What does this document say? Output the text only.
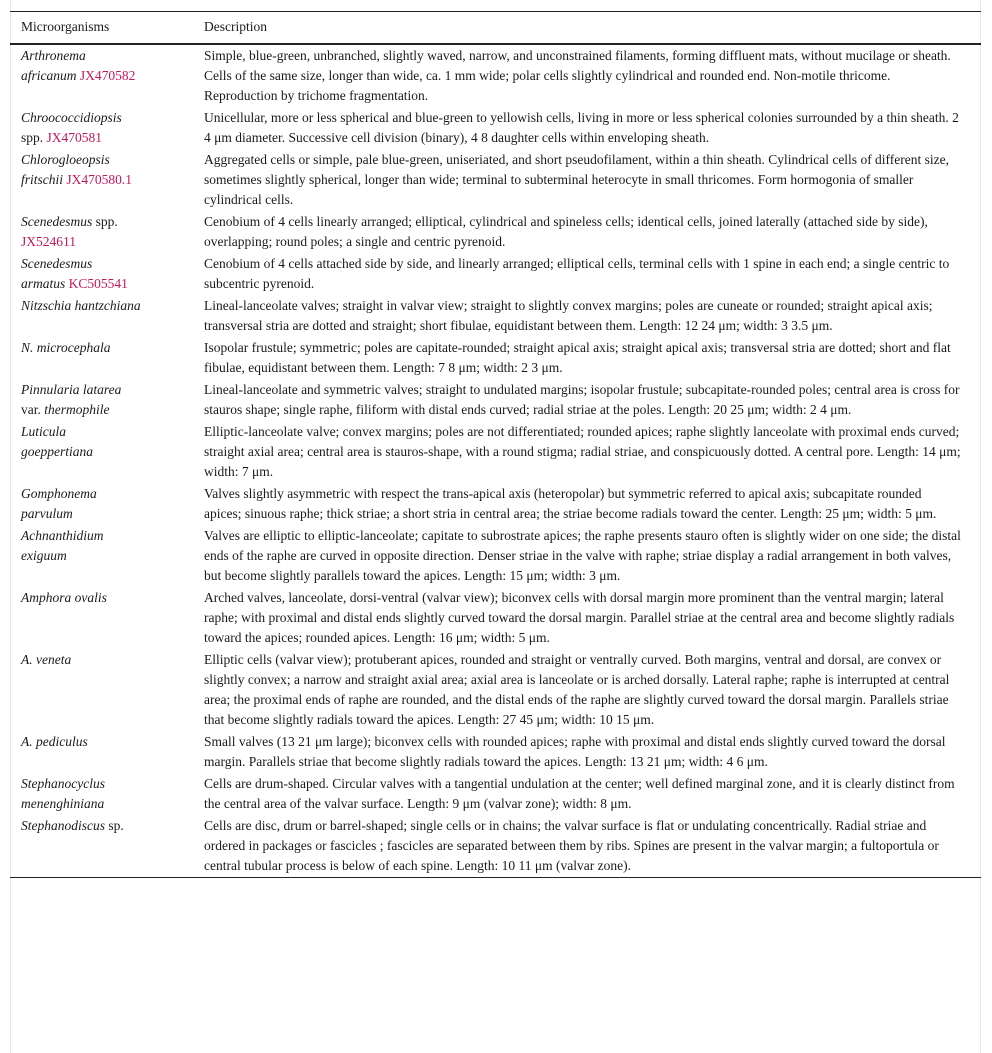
Microorganisms	Description
Arthronema
africanum JX470582	Simple, blue-green, unbranched, slightly waved, narrow, and unconstrained filaments, forming diffluent mats, without mucilage or sheath. Cells of the same size, longer than wide, ca. 1 mm wide; polar cells slightly cylindrical and rounded end. Non-motile thricome. Reproduction by trichome fragmentation.
Chroococcidiopsis
spp. JX470581	Unicellular, more or less spherical and blue-green to yellowish cells, living in more or less spherical colonies surrounded by a thin sheath. 2 4 μm diameter. Successive cell division (binary), 4 8 daughter cells within enveloping sheath.
Chlorogloeopsis
fritschii JX470580.1	Aggregated cells or simple, pale blue-green, uniseriated, and short pseudofilament, within a thin sheath. Cylindrical cells of different size, sometimes slightly spherical, longer than wide; terminal to subterminal heterocyte in small thricomes. Form hormogonia of smaller cylindrical cells.
Scenedesmus spp.
JX524611	Cenobium of 4 cells linearly arranged; elliptical, cylindrical and spineless cells; identical cells, joined laterally (attached side by side), overlapping; round poles; a single and centric pyrenoid.
Scenedesmus
armatus KC505541	Cenobium of 4 cells attached side by side, and linearly arranged; elliptical cells, terminal cells with 1 spine in each end; a single centric to subcentric pyrenoid.
Nitzschia hantzchiana	Lineal-lanceolate valves; straight in valvar view; straight to slightly convex margins; poles are cuneate or rounded; straight apical axis; transversal stria are dotted and straight; short fibulae, equidistant between them. Length: 12 24 μm; width: 3 3.5 μm.
N. microcephala	Isopolar frustule; symmetric; poles are capitate-rounded; straight apical axis; straight apical axis; transversal stria are dotted; short and flat fibulae, equidistant between them. Length: 7 8 μm; width: 2 3 μm.
Pinnularia latarea
var. thermophile	Lineal-lanceolate and symmetric valves; straight to undulated margins; isopolar frustule; subcapitate-rounded poles; central area is cross for stauros shape; single raphe, filiform with distal ends curved; radial striae at the poles. Length: 20 25 μm; width: 2 4 μm.
Luticula
goeppertiana	Elliptic-lanceolate valve; convex margins; poles are not differentiated; rounded apices; raphe slightly lanceolate with proximal ends curved; straight axial area; central area is stauros-shape, with a round stigma; radial striae, and conspicuously dotted. A central pore. Length: 14 μm; width: 7 μm.
Gomphonema
parvulum	Valves slightly asymmetric with respect the trans-apical axis (heteropolar) but symmetric referred to apical axis; subcapitate rounded apices; sinuous raphe; thick striae; a short stria in central area; the striae become radials toward the center. Length: 25 μm; width: 5 μm.
Achnanthidium
exiguum	Valves are elliptic to elliptic-lanceolate; capitate to subrostrate apices; the raphe presents stauro often is slightly wider on one side; the distal ends of the raphe are curved in opposite direction. Denser striae in the valve with raphe; striae display a radial arrangement in both valves, but become slightly parallels toward the apices. Length: 15 μm; width: 3 μm.
Amphora ovalis	Arched valves, lanceolate, dorsi-ventral (valvar view); biconvex cells with dorsal margin more prominent than the ventral margin; lateral raphe; with proximal and distal ends slightly curved toward the dorsal margin. Parallel striae at the central area and become slightly radials toward the apices; rounded apices. Length: 16 μm; width: 5 μm.
A. veneta	Elliptic cells (valvar view); protuberant apices, rounded and straight or ventrally curved. Both margins, ventral and dorsal, are convex or slightly convex; a narrow and straight axial area; axial area is lanceolate or is arched dorsally. Lateral raphe; raphe is interrupted at central area; the proximal ends of raphe are rounded, and the distal ends of the raphe are slightly curved toward the dorsal margin. Parallels striae that become slightly radials toward the apices. Length: 27 45 μm; width: 10 15 μm.
A. pediculus	Small valves (13 21 μm large); biconvex cells with rounded apices; raphe with proximal and distal ends slightly curved toward the dorsal margin. Parallels striae that become slightly radials toward the apices. Length: 13 21 μm; width: 4 6 μm.
Stephanocyclus
menenghiniana	Cells are drum-shaped. Circular valves with a tangential undulation at the center; well defined marginal zone, and it is clearly distinct from the central area of the valvar surface. Length: 9 μm (valvar zone); width: 8 μm.
Stephanodiscus sp.	Cells are disc, drum or barrel-shaped; single cells or in chains; the valvar surface is flat or undulating concentrically. Radial striae and ordered in packages or fascicles ; fascicles are separated between them by ribs. Spines are present in the valvar margin; a fultoportula or central tubular process is below of each spine. Length: 10 11 μm (valvar zone).
